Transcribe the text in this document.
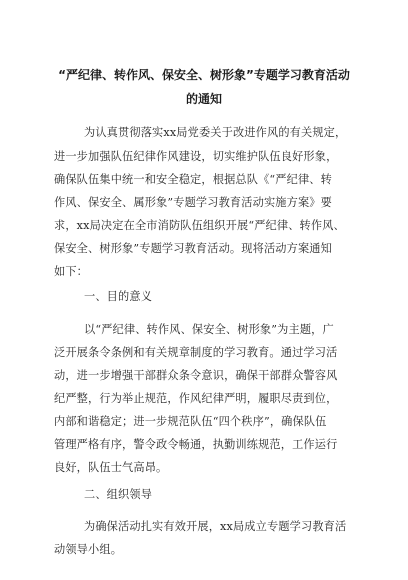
“严纪律、转作风、保安全、树形象”专题学习教育活动
的通知
为认真贯彻落实xx局党委关于改进作风的有关规定，
进一步加强队伍纪律作风建设，切实维护队伍良好形象，
确保队伍集中统一和安全稳定，根据总队《“严纪律、转
作风、保安全、属形象”专题学习教育活动实施方案》要
求，xx局决定在全市消防队伍组织开展“严纪律、转作风、
保安全、树形象”专题学习教育活动。现将活动方案通知
如下：
一、目的意义
以“严纪律、转作风、保安全、树形象”为主题，广
泛开展条令条例和有关规章制度的学习教育。通过学习活
动，进一步增强干部群众条令意识，确保干部群众警容风
纪严整，行为举止规范，作风纪律严明，履职尽责到位，
内部和谐稳定；进一步规范队伍“四个秩序”，确保队伍
管理严格有序，警令政令畅通，执勤训练规范，工作运行
良好，队伍士气高昂。
二、组织领导
为确保活动扎实有效开展，xx局成立专题学习教育活
动领导小组。
